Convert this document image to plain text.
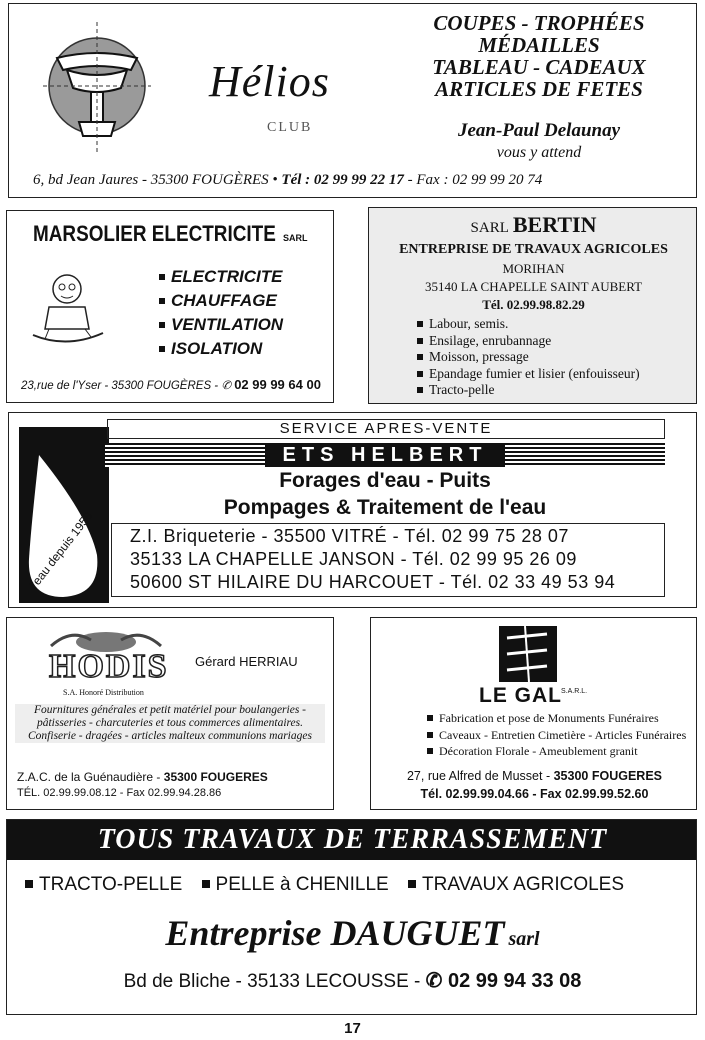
Hélios
CLUB
COUPES - TROPHÉES
MÉDAILLES
TABLEAU - CADEAUX
ARTICLES DE FETES
Jean-Paul Delaunay
vous y attend
6, bd Jean Jaures - 35300 FOUGÈRES • Tél : 02 99 99 22 17 - Fax : 02 99 99 20 74
MARSOLIER ELECTRICITE SARL
ELECTRICITE
CHAUFFAGE
VENTILATION
ISOLATION
23,rue de l'Yser - 35300 FOUGÈRES - ✆ 02 99 99 64 00
SARL BERTIN
ENTREPRISE DE TRAVAUX AGRICOLES
MORIHAN
35140 LA CHAPELLE SAINT AUBERT
Tél. 02.99.98.82.29
Labour, semis.
Ensilage, enrubannage
Moisson, pressage
Epandage fumier et lisier (enfouisseur)
Tracto-pelle
l'eau depuis 1958
SERVICE APRES-VENTE
ETS HELBERT
Forages d'eau - Puits
Pompages & Traitement de l'eau
Z.I. Briqueterie - 35500 VITRÉ - Tél. 02 99 75 28 07
35133 LA CHAPELLE JANSON - Tél. 02 99 95 26 09
50600 ST HILAIRE DU HARCOUET - Tél. 02 33 49 53 94
HODIS
S.A. Honoré Distribution
Gérard HERRIAU
Fournitures générales et petit matériel pour boulangeries - pâtisseries - charcuteries et tous commerces alimentaires. Confiserie - dragées - articles malteux communions mariages
Z.A.C. de la Guénaudière - 35300 FOUGERES
TÉL. 02.99.99.08.12 - Fax 02.99.94.28.86
LE GAL S.A.R.L.
Fabrication et pose de Monuments Funéraires
Caveaux - Entretien Cimetière - Articles Funéraires
Décoration Florale - Ameublement granit
27, rue Alfred de Musset - 35300 FOUGERES
Tél. 02.99.99.04.66 - Fax 02.99.99.52.60
TOUS TRAVAUX DE TERRASSEMENT
TRACTO-PELLE PELLE à CHENILLE TRAVAUX AGRICOLES
Entreprise DAUGUET sarl
Bd de Bliche - 35133 LECOUSSE - ✆ 02 99 94 33 08
17
